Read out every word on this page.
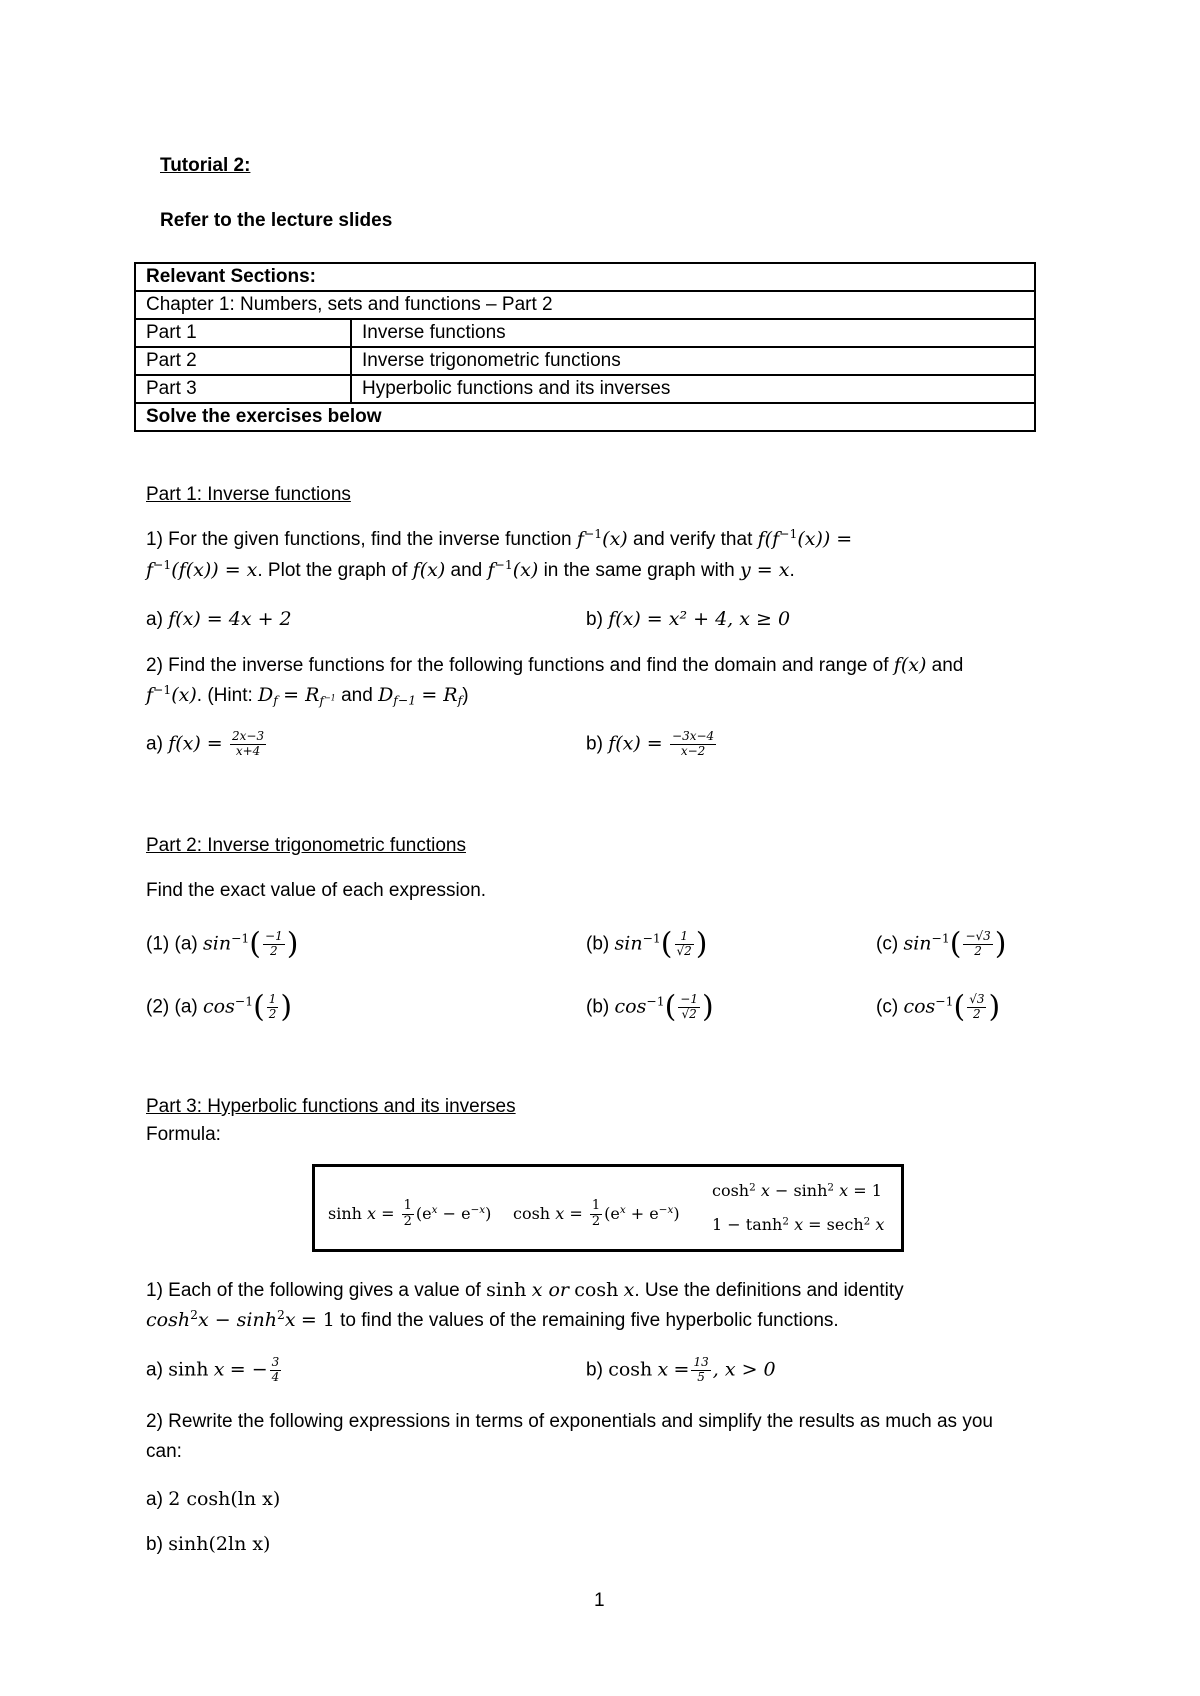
Tutorial 2:
Refer to the lecture slides
Relevant Sections:	
Chapter 1: Numbers, sets and functions – Part 2	
Part 1	Inverse functions
Part 2	Inverse trigonometric functions
Part 3	Hyperbolic functions and its inverses
Solve the exercises below	
Part 1: Inverse functions
1) For the given functions, find the inverse function $f^{-1}(x)$ and verify that $f(f^{-1}(x))$ =
$f^{-1}(f(x)) = x$. Plot the graph of f(x) and $f^{-1}(x)$ in the same graph with y = x.
a) f(x) = 4x + 2	b) f(x) = x² + 4, x ≥ 0
2) Find the inverse functions for the following functions and find the domain and range of f(x) and
$f^{-1}(x)$. (Hint: $D_f = R_{f^{-1}}$ and $D_{f-1} = R_f$)
a) $f(x) = \frac{2x-3}{x+4}$	b) $f(x) = \frac{-3x-4}{x-2}$
Part 2: Inverse trigonometric functions
Find the exact value of each expression.
(1) (a) $\sin^{-1}( \frac{-1}{2}$ )	(b) $\sin^{-1}( \frac{1}{√2}$ )	(c) $\sin^{-1}( \frac{-√3}{2}$ )
(2) (a) $\cos^{-1}( \frac{1}{2}$ )	(b) $\cos^{-1}( \frac{-1}{√2}$ )	(c) $\cos^{-1}( \frac{√3}{2}$ )
Part 3: Hyperbolic functions and its inverses
Formula:
$\sinh x = \frac{1}{2} (e^x - e^{-x})$ $\cosh x = \frac{1}{2} (e^x + e^{-x})$
$\cosh^2 x - \sinh^2 x = 1$
$1 - \tanh^2 x = \sec h^2$ x
1) Each of the following gives a value of sinh x or cosh x. Use the definitions and identity
$\cosh^2x - \sinh^2x = 1$ to find the values of the remaining five hyperbolic functions.
a) sinh x = − $\frac{3}{4}$	b) $\cosh x = \frac{13}{5}$ , x > 0
2) Rewrite the following expressions in terms of exponentials and simplify the results as much as you
can:
a) 2 cosh(ln x)
b) sinh(2ln x)
1
